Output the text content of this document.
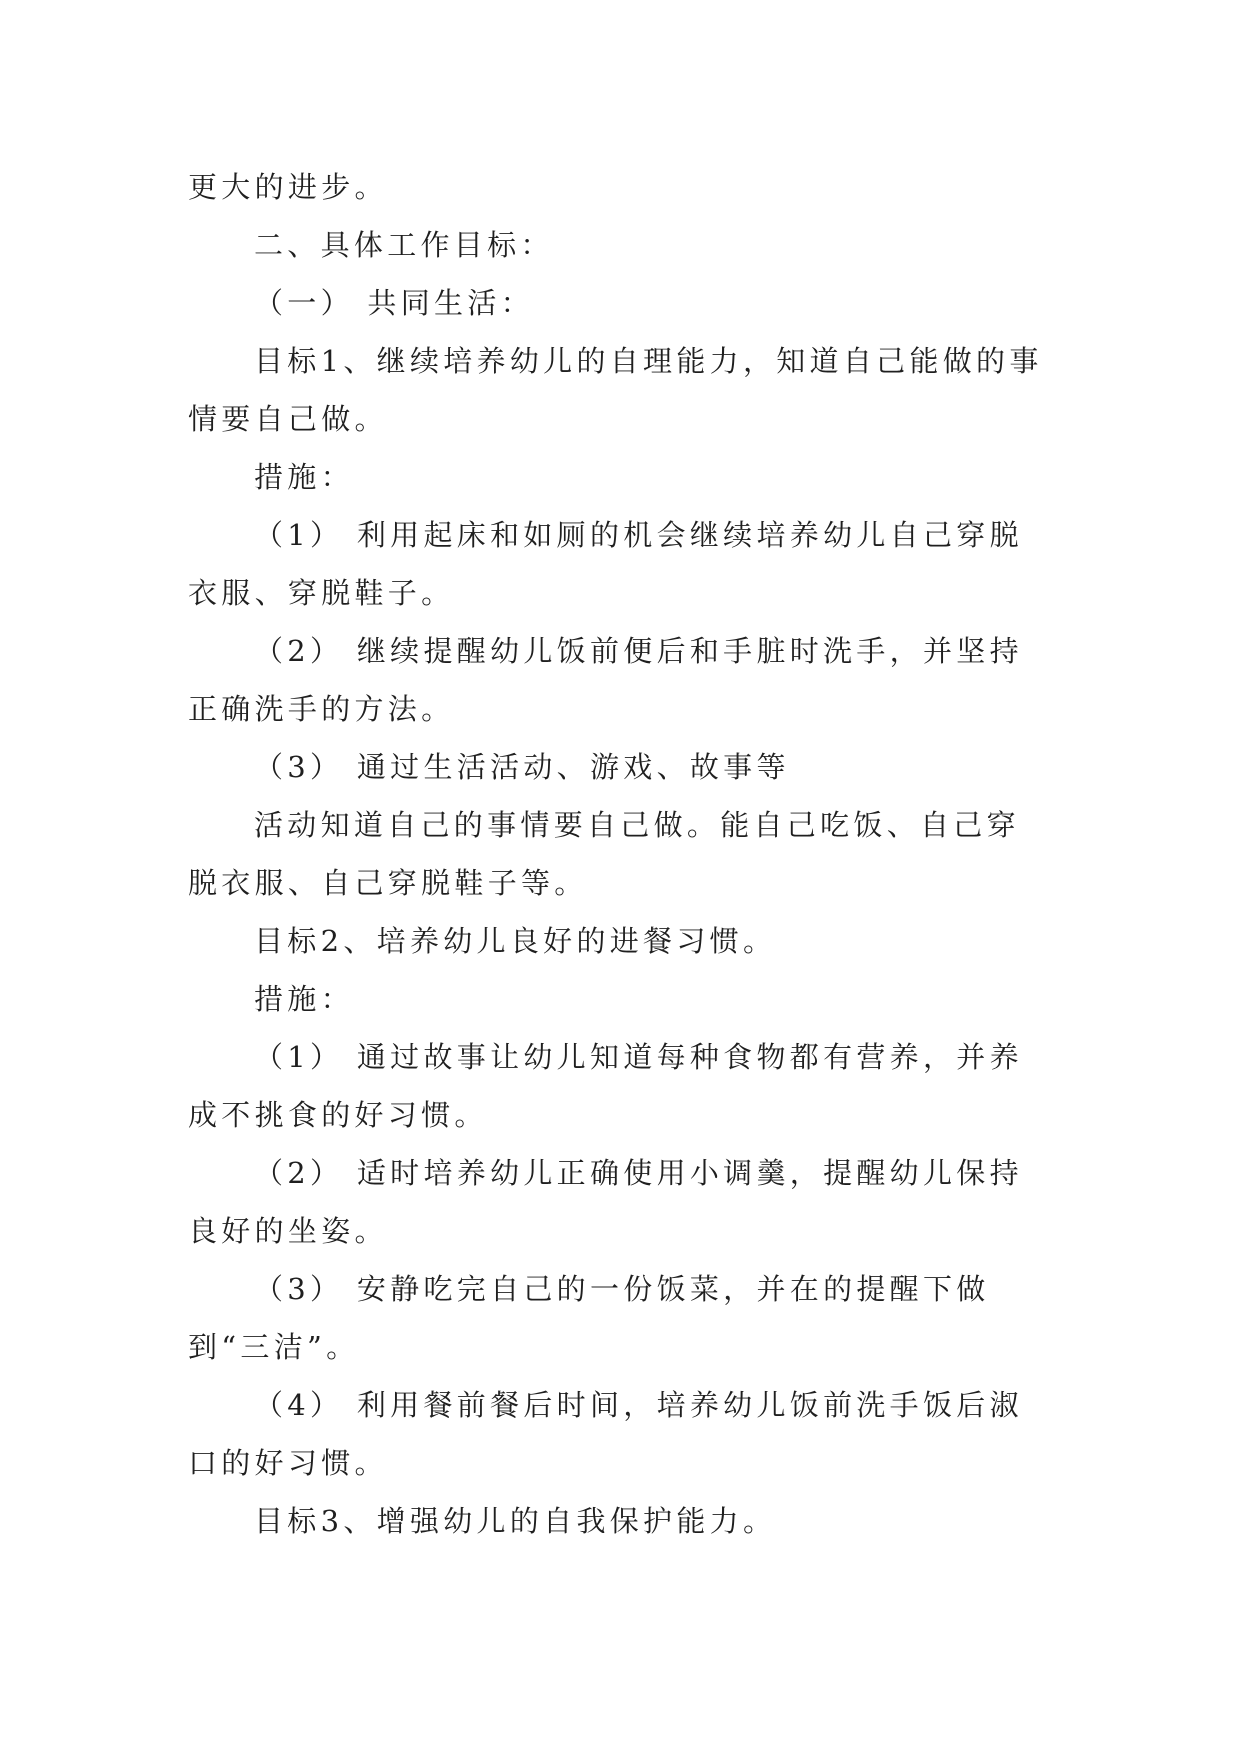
更大的进步。

二、具体工作目标：

（一） 共同生活：

目标1、继续培养幼儿的自理能力，知道自己能做的事情要自己做。

措施：

（1） 利用起床和如厕的机会继续培养幼儿自己穿脱衣服、穿脱鞋子。

（2） 继续提醒幼儿饭前便后和手脏时洗手，并坚持正确洗手的方法。

（3） 通过生活活动、游戏、故事等

活动知道自己的事情要自己做。能自己吃饭、自己穿脱衣服、自己穿脱鞋子等。

目标2、培养幼儿良好的进餐习惯。

措施：

（1） 通过故事让幼儿知道每种食物都有营养，并养成不挑食的好习惯。

（2） 适时培养幼儿正确使用小调羹，提醒幼儿保持良好的坐姿。

（3） 安静吃完自己的一份饭菜，并在的提醒下做到“三洁”。

（4） 利用餐前餐后时间，培养幼儿饭前洗手饭后淑口的好习惯。

目标3、增强幼儿的自我保护能力。
